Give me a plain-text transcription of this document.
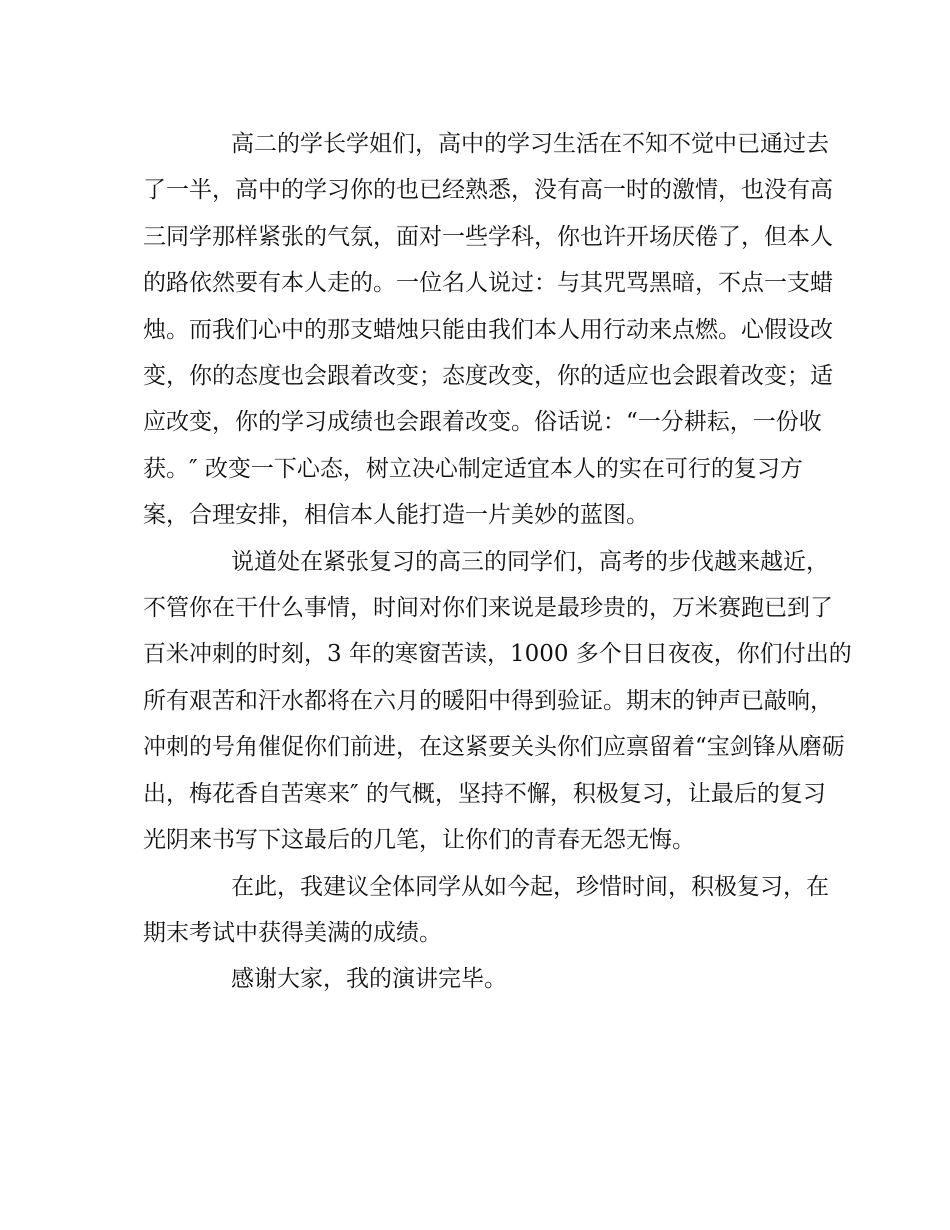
高二的学长学姐们，高中的学习生活在不知不觉中已通过去
了一半，高中的学习你的也已经熟悉，没有高一时的激情，也没有高
三同学那样紧张的气氛，面对一些学科，你也许开场厌倦了，但本人
的路依然要有本人走的。一位名人说过：与其咒骂黑暗，不点一支蜡
烛。而我们心中的那支蜡烛只能由我们本人用行动来点燃。心假设改
变，你的态度也会跟着改变；态度改变，你的适应也会跟着改变；适
应改变，你的学习成绩也会跟着改变。俗话说：“一分耕耘，一份收
获。″ 改变一下心态，树立决心制定适宜本人的实在可行的复习方
案，合理安排，相信本人能打造一片美妙的蓝图。
说道处在紧张复习的高三的同学们，高考的步伐越来越近，
不管你在干什么事情，时间对你们来说是最珍贵的，万米赛跑已到了
百米冲刺的时刻，3 年的寒窗苦读，1000 多个日日夜夜，你们付出的
所有艰苦和汗水都将在六月的暖阳中得到验证。期末的钟声已敲响，
冲刺的号角催促你们前进，在这紧要关头你们应禀留着“宝剑锋从磨砺
出，梅花香自苦寒来″ 的气概，坚持不懈，积极复习，让最后的复习
光阴来书写下这最后的几笔，让你们的青春无怨无悔。
在此，我建议全体同学从如今起，珍惜时间，积极复习，在
期末考试中获得美满的成绩。
感谢大家，我的演讲完毕。
